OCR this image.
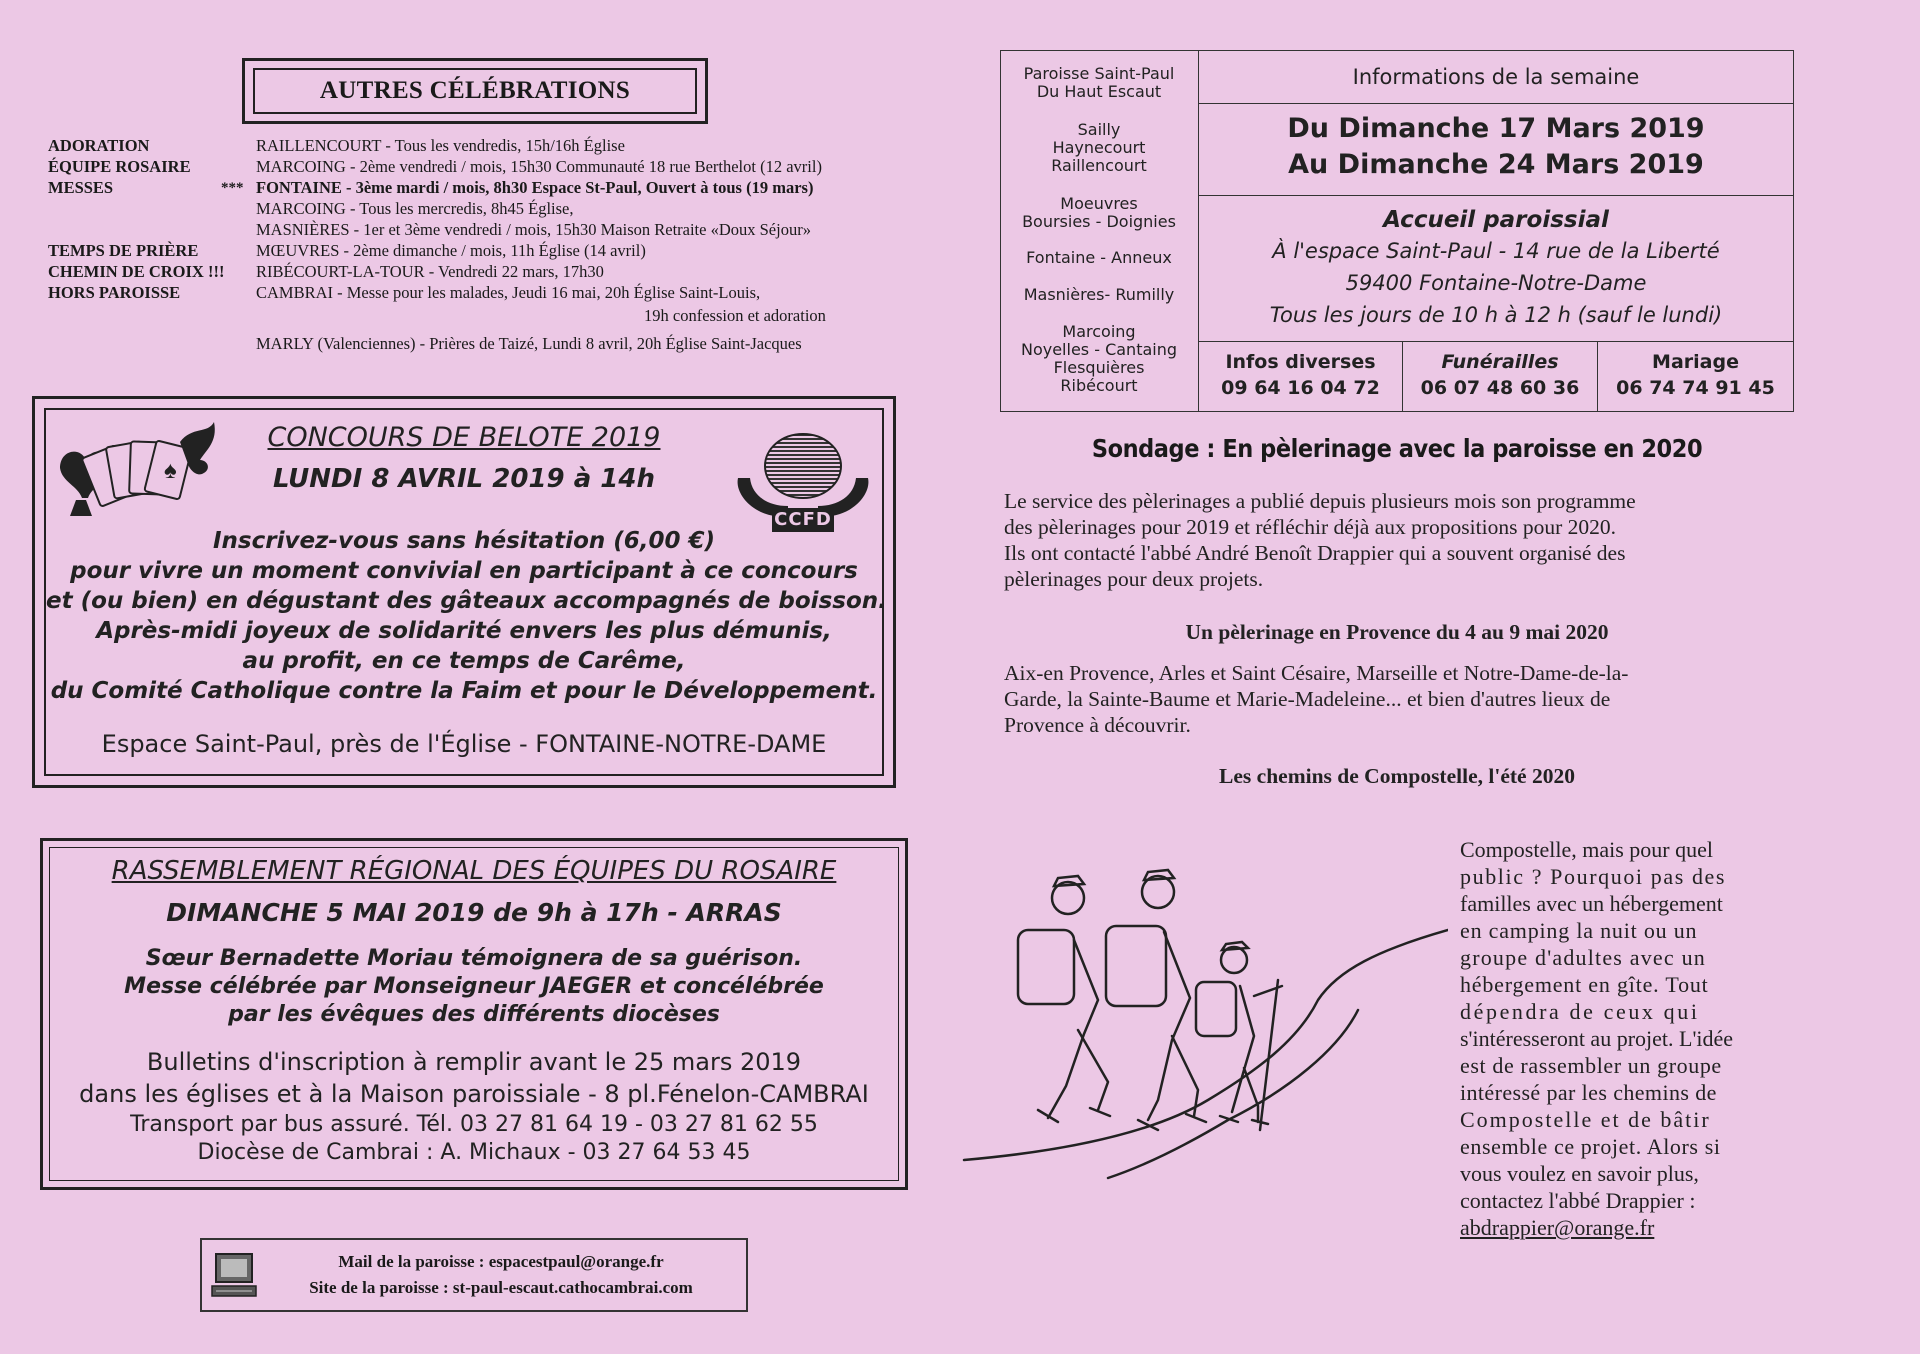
AUTRES CÉLÉBRATIONS
ADORATION	RAILLENCOURT - Tous les vendredis, 15h/16h Église
ÉQUIPE ROSAIRE	MARCOING - 2ème vendredi / mois, 15h30 Communauté 18 rue Berthelot (12 avril)
MESSES	*** FONTAINE - 3ème mardi / mois, 8h30 Espace St-Paul, Ouvert à tous (19 mars)
MARCOING - Tous les mercredis, 8h45 Église,
MASNIÈRES - 1er et 3ème vendredi / mois, 15h30 Maison Retraite «Doux Séjour»
TEMPS DE PRIÈRE	MŒUVRES - 2ème dimanche / mois, 11h Église (14 avril)
CHEMIN DE CROIX !!! RIBÉCOURT-LA-TOUR - Vendredi 22 mars, 17h30
HORS PAROISSE	CAMBRAI - Messe pour les malades, Jeudi 16 mai, 20h Église Saint-Louis,
19h confession et adoration
MARLY (Valenciennes) - Prières de Taizé, Lundi 8 avril, 20h Église Saint-Jacques
♠
CONCOURS DE BELOTE 2019
LUNDI 8 AVRIL 2019 à 14h
Inscrivez-vous sans hésitation (6,00 €)
pour vivre un moment convivial en participant à ce concours
et (ou bien) en dégustant des gâteaux accompagnés de boisson.
Après-midi joyeux de solidarité envers les plus démunis,
au profit, en ce temps de Carême,
du Comité Catholique contre la Faim et pour le Développement.
Espace Saint-Paul, près de l'Église - FONTAINE-NOTRE-DAME
CCFD
RASSEMBLEMENT RÉGIONAL DES ÉQUIPES DU ROSAIRE
DIMANCHE 5 MAI 2019 de 9h à 17h - ARRAS
Sœur Bernadette Moriau témoignera de sa guérison.
Messe célébrée par Monseigneur JAEGER et concélébrée
par les évêques des différents diocèses
Bulletins d'inscription à remplir avant le 25 mars 2019
dans les églises et à la Maison paroissiale - 8 pl.Fénelon-CAMBRAI
Transport par bus assuré. Tél. 03 27 81 64 19 - 03 27 81 62 55
Diocèse de Cambrai : A. Michaux - 03 27 64 53 45
Mail de la paroisse : espacestpaul@orange.fr
Site de la paroisse : st-paul-escaut.cathocambrai.com
Paroisse Saint-Paul
Du Haut Escaut
Sailly
Haynecourt
Raillencourt
Moeuvres
Boursies - Doignies
Fontaine - Anneux
Masnières- Rumilly
Marcoing
Noyelles - Cantaing
Flesquières
Ribécourt
Informations de la semaine
Du Dimanche 17 Mars 2019
Au Dimanche 24 Mars 2019
Accueil paroissial
À l'espace Saint-Paul - 14 rue de la Liberté
59400 Fontaine-Notre-Dame
Tous les jours de 10 h à 12 h (sauf le lundi)
Infos diverses
09 64 16 04 72
Funérailles
06 07 48 60 36
Mariage
06 74 74 91 45
Sondage : En pèlerinage avec la paroisse en 2020
Le service des pèlerinages a publié depuis plusieurs mois son programme
des pèlerinages pour 2019 et réfléchir déjà aux propositions pour 2020.
Ils ont contacté l'abbé André Benoît Drappier qui a souvent organisé des
pèlerinages pour deux projets.
Un pèlerinage en Provence du 4 au 9 mai 2020
Aix-en Provence, Arles et Saint Césaire, Marseille et Notre-Dame-de-la-
Garde, la Sainte-Baume et Marie-Madeleine... et bien d'autres lieux de
Provence à découvrir.
Les chemins de Compostelle, l'été 2020
Compostelle, mais pour quel
public ? Pourquoi pas des
familles avec un hébergement
en camping la nuit ou un
groupe d'adultes avec un
hébergement en gîte. Tout
dépendra de ceux qui
s'intéresseront au projet. L'idée
est de rassembler un groupe
intéressé par les chemins de
Compostelle et de bâtir
ensemble ce projet. Alors si
vous voulez en savoir plus,
contactez l'abbé Drappier :
abdrappier@orange.fr
